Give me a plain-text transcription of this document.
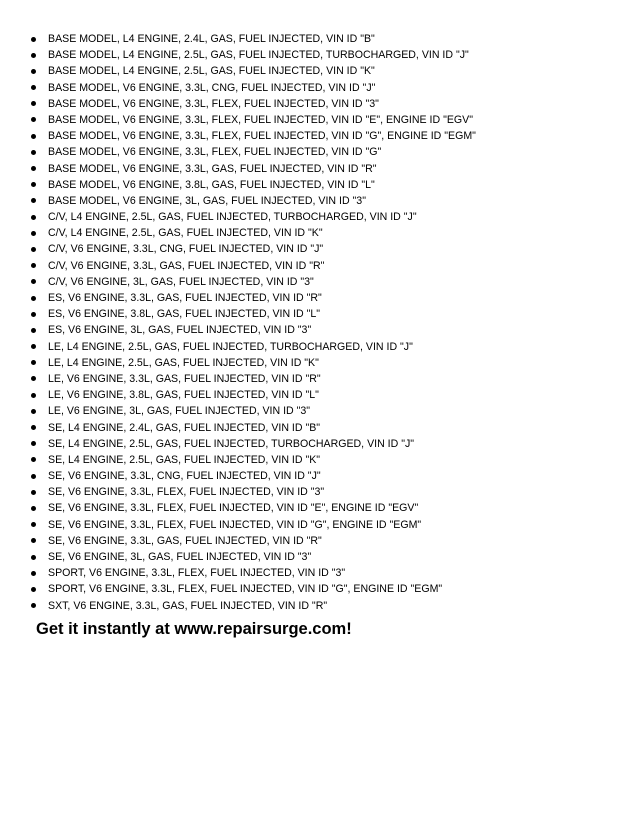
BASE MODEL, L4 ENGINE, 2.4L, GAS, FUEL INJECTED, VIN ID "B"
BASE MODEL, L4 ENGINE, 2.5L, GAS, FUEL INJECTED, TURBOCHARGED, VIN ID "J"
BASE MODEL, L4 ENGINE, 2.5L, GAS, FUEL INJECTED, VIN ID "K"
BASE MODEL, V6 ENGINE, 3.3L, CNG, FUEL INJECTED, VIN ID "J"
BASE MODEL, V6 ENGINE, 3.3L, FLEX, FUEL INJECTED, VIN ID "3"
BASE MODEL, V6 ENGINE, 3.3L, FLEX, FUEL INJECTED, VIN ID "E", ENGINE ID "EGV"
BASE MODEL, V6 ENGINE, 3.3L, FLEX, FUEL INJECTED, VIN ID "G", ENGINE ID "EGM"
BASE MODEL, V6 ENGINE, 3.3L, FLEX, FUEL INJECTED, VIN ID "G"
BASE MODEL, V6 ENGINE, 3.3L, GAS, FUEL INJECTED, VIN ID "R"
BASE MODEL, V6 ENGINE, 3.8L, GAS, FUEL INJECTED, VIN ID "L"
BASE MODEL, V6 ENGINE, 3L, GAS, FUEL INJECTED, VIN ID "3"
C/V, L4 ENGINE, 2.5L, GAS, FUEL INJECTED, TURBOCHARGED, VIN ID "J"
C/V, L4 ENGINE, 2.5L, GAS, FUEL INJECTED, VIN ID "K"
C/V, V6 ENGINE, 3.3L, CNG, FUEL INJECTED, VIN ID "J"
C/V, V6 ENGINE, 3.3L, GAS, FUEL INJECTED, VIN ID "R"
C/V, V6 ENGINE, 3L, GAS, FUEL INJECTED, VIN ID "3"
ES, V6 ENGINE, 3.3L, GAS, FUEL INJECTED, VIN ID "R"
ES, V6 ENGINE, 3.8L, GAS, FUEL INJECTED, VIN ID "L"
ES, V6 ENGINE, 3L, GAS, FUEL INJECTED, VIN ID "3"
LE, L4 ENGINE, 2.5L, GAS, FUEL INJECTED, TURBOCHARGED, VIN ID "J"
LE, L4 ENGINE, 2.5L, GAS, FUEL INJECTED, VIN ID "K"
LE, V6 ENGINE, 3.3L, GAS, FUEL INJECTED, VIN ID "R"
LE, V6 ENGINE, 3.8L, GAS, FUEL INJECTED, VIN ID "L"
LE, V6 ENGINE, 3L, GAS, FUEL INJECTED, VIN ID "3"
SE, L4 ENGINE, 2.4L, GAS, FUEL INJECTED, VIN ID "B"
SE, L4 ENGINE, 2.5L, GAS, FUEL INJECTED, TURBOCHARGED, VIN ID "J"
SE, L4 ENGINE, 2.5L, GAS, FUEL INJECTED, VIN ID "K"
SE, V6 ENGINE, 3.3L, CNG, FUEL INJECTED, VIN ID "J"
SE, V6 ENGINE, 3.3L, FLEX, FUEL INJECTED, VIN ID "3"
SE, V6 ENGINE, 3.3L, FLEX, FUEL INJECTED, VIN ID "E", ENGINE ID "EGV"
SE, V6 ENGINE, 3.3L, FLEX, FUEL INJECTED, VIN ID "G", ENGINE ID "EGM"
SE, V6 ENGINE, 3.3L, GAS, FUEL INJECTED, VIN ID "R"
SE, V6 ENGINE, 3L, GAS, FUEL INJECTED, VIN ID "3"
SPORT, V6 ENGINE, 3.3L, FLEX, FUEL INJECTED, VIN ID "3"
SPORT, V6 ENGINE, 3.3L, FLEX, FUEL INJECTED, VIN ID "G", ENGINE ID "EGM"
SXT, V6 ENGINE, 3.3L, GAS, FUEL INJECTED, VIN ID "R"
Get it instantly at www.repairsurge.com!
